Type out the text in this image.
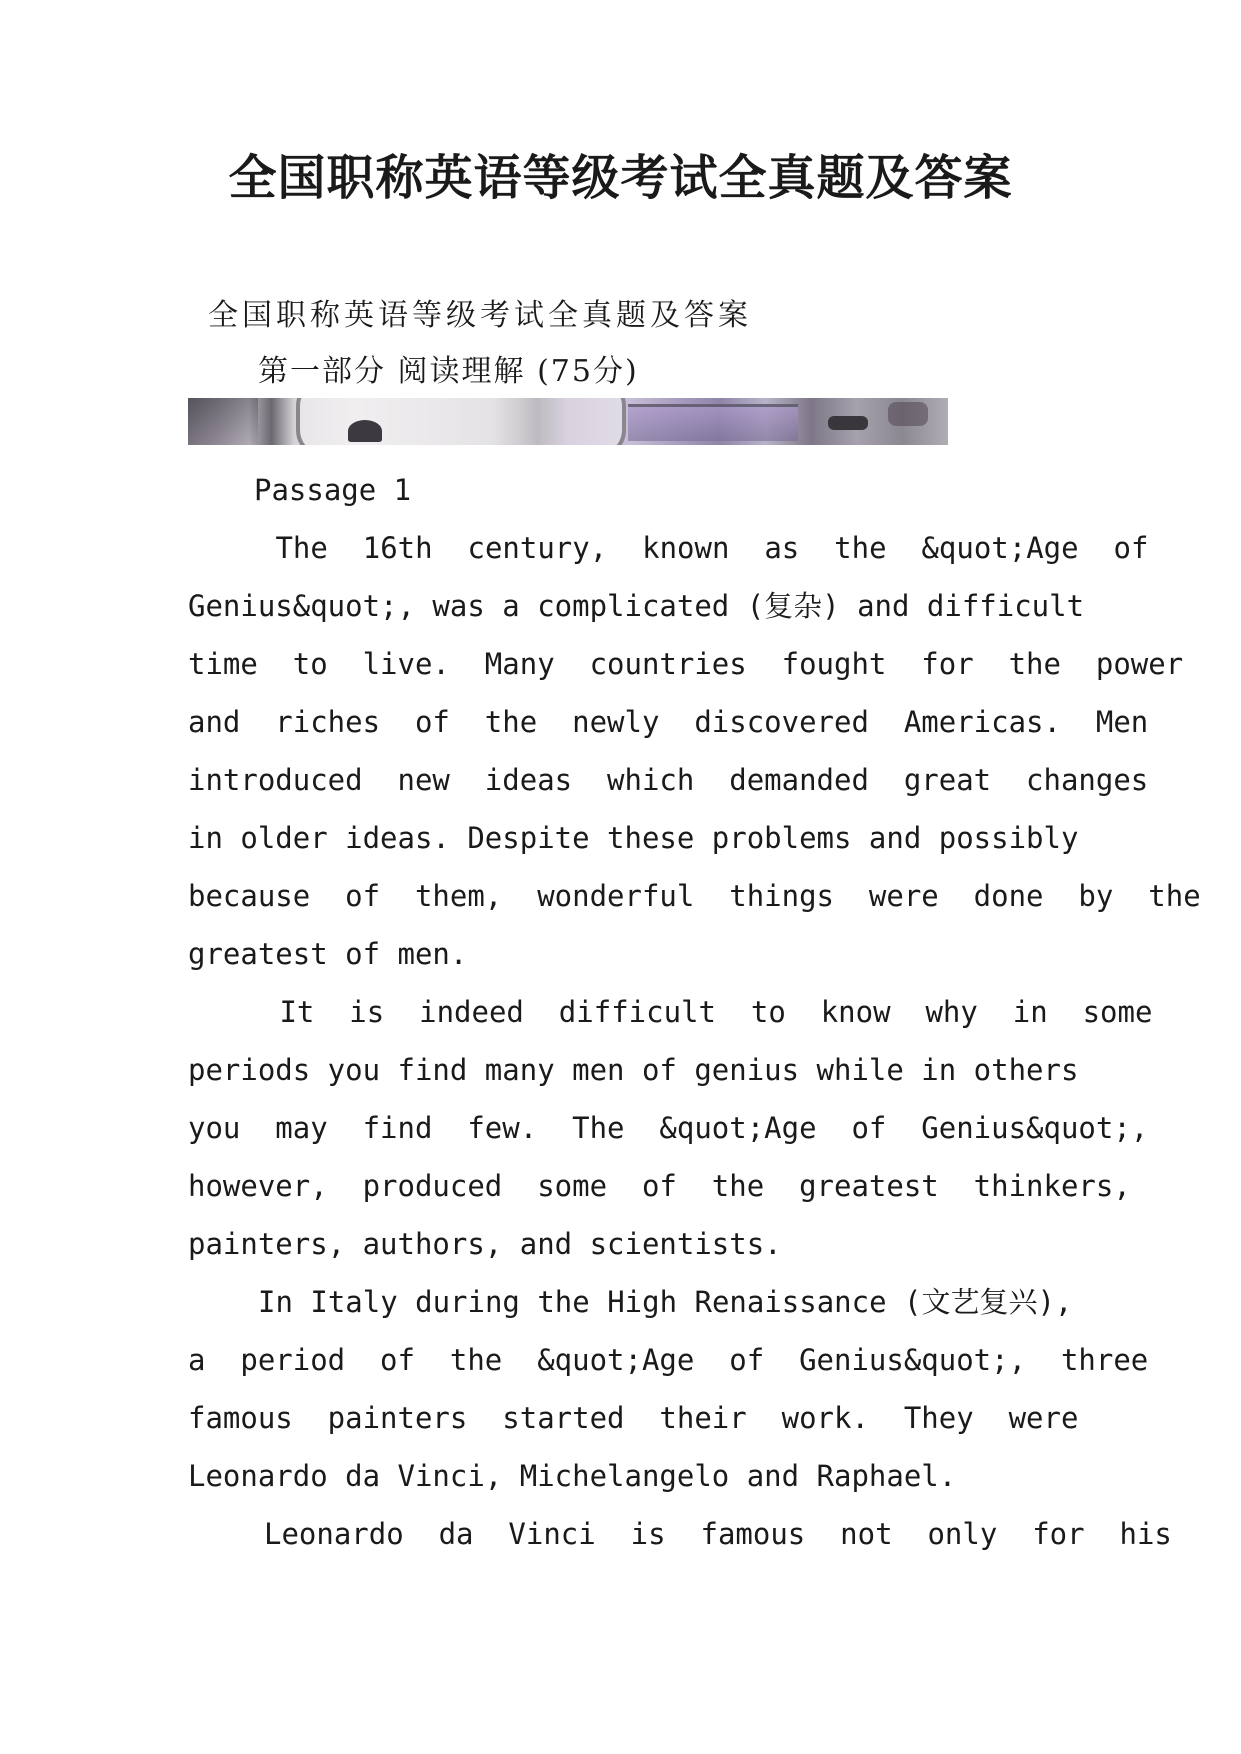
全国职称英语等级考试全真题及答案
全国职称英语等级考试全真题及答案
第一部分 阅读理解 (75分)
Passage 1
The  16th  century,  known  as  the  &quot;Age  of
Genius&quot;, was a complicated (复杂) and difficult
time  to  live.  Many  countries  fought  for  the  power
and  riches  of  the  newly  discovered  Americas.  Men
introduced  new  ideas  which  demanded  great  changes
in older ideas. Despite these problems and possibly
because  of  them,  wonderful  things  were  done  by  the
greatest of men.
It  is  indeed  difficult  to  know  why  in  some
periods you find many men of genius while in others
you  may  find  few.  The  &quot;Age  of  Genius&quot;,
however,  produced  some  of  the  greatest  thinkers,
painters, authors, and scientists.
In Italy during the High Renaissance (文艺复兴),
a  period  of  the  &quot;Age  of  Genius&quot;,  three
famous  painters  started  their  work.  They  were
Leonardo da Vinci, Michelangelo and Raphael.
Leonardo  da  Vinci  is  famous  not  only  for  his
